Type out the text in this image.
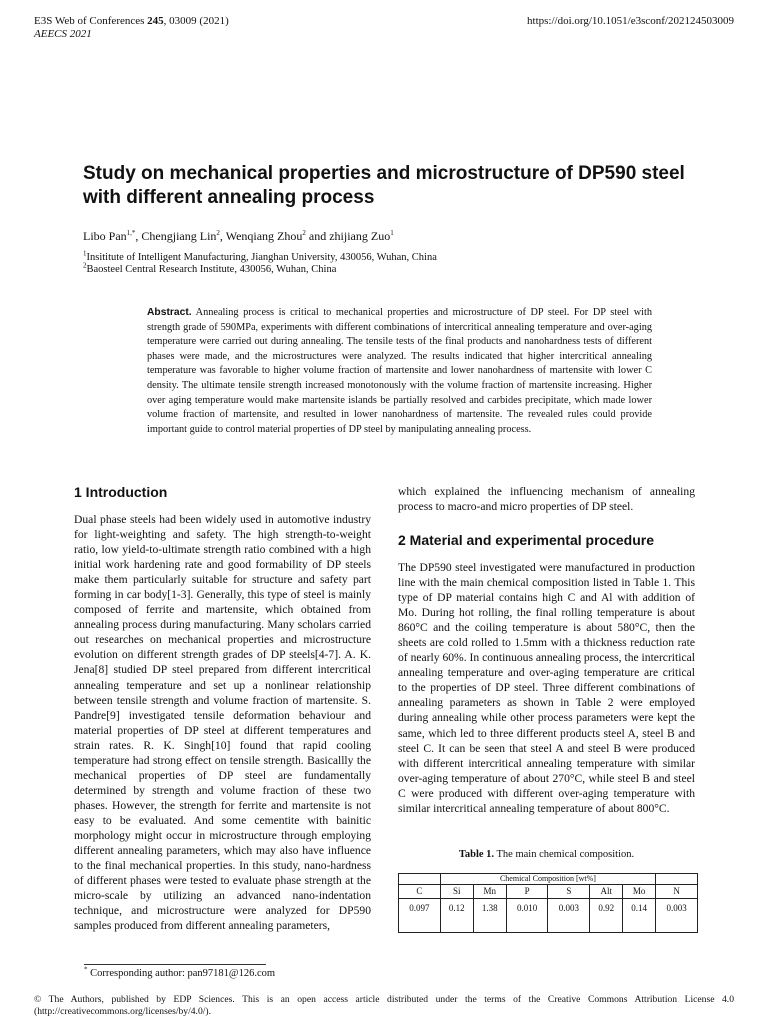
E3S Web of Conferences 245, 03009 (2021)
AEECS 2021
https://doi.org/10.1051/e3sconf/202124503009
Study on mechanical properties and microstructure of DP590 steel with different annealing process
Libo Pan$^{1,*}$, Chengjiang Lin$^2$, Wenqiang Zhou$^2$ and zhijiang Zuo$^1$
$^1$Insititute of Intelligent Manufacturing, Jianghan University, 430056, Wuhan, China
$^2$Baosteel Central Research Institute, 430056, Wuhan, China
Abstract. Annealing process is critical to mechanical properties and microstructure of DP steel. For DP steel with strength grade of 590MPa, experiments with different combinations of intercritical annealing temperature and over-aging temperature were carried out during annealing. The tensile tests of the final products and nanohardness tests of different phases were made, and the microstructures were analyzed. The results indicated that higher intercritical annealing temperature was favorable to higher volume fraction of martensite and lower nanohardness of martensite with lower C density. The ultimate tensile strength increased monotonously with the volume fraction of martensite increasing. Higher over aging temperature would make martensite islands be partially resolved and carbides precipitate, which made lower volume fraction of martensite, and resulted in lower nanohardness of martensite. The revealed rules could provide important guide to control material properties of DP steel by manipulating annealing process.
1 Introduction
Dual phase steels had been widely used in automotive industry for light-weighting and safety. The high strength-to-weight ratio, low yield-to-ultimate strength ratio combined with a high initial work hardening rate and good formability of DP steels make them particularly suitable for structure and safety part forming in car body[1-3]. Generally, this type of steel is mainly composed of ferrite and martensite, which obtained from annealing process during manufacturing. Many scholars carried out researches on mechanical properties and microstructure evolution on different strength grades of DP steels[4-7]. A. K. Jena[8] studied DP steel prepared from different intercritical annealing temperature and set up a nonlinear relationship between tensile strength and volume fraction of martensite. S. Pandre[9] investigated tensile deformation behaviour and material properties of DP steel at different temperatures and strain rates. R. K. Singh[10] found that rapid cooling temperature had strong effect on tensile strength. Basicallly the mechanical properties of DP steel are fundamentally determined by strength and volume fraction of these two phases. However, the strength for ferrite and martensite is not easy to be evaluated. And some cementite with bainitic morphology might occur in microstructure through employing different annealing parameters, which may also have influence to the final mechanical properties. In this study, nano-hardness of different phases were tested to evaluate phase strength at the micro-scale by utilizing an advanced nano-indentation technique, and microstructure were analyzed for DP590 samples produced from different annealing parameters,
which explained the influencing mechanism of annealing process to macro-and micro properties of DP steel.
2 Material and experimental procedure
The DP590 steel investigated were manufactured in production line with the main chemical composition listed in Table 1. This type of DP material contains high C and Al with addition of Mo. During hot rolling, the final rolling temperature is about 860°C and the coiling temperature is about 580°C, then the sheets are cold rolled to 1.5mm with a thickness reduction rate of nearly 60%. In continuous annealing process, the intercritical annealing temperature and over-aging temperature are critical to the properties of DP steel. Three different combinations of annealing parameters as shown in Table 2 were employed during annealing while other process parameters were kept the same, which led to three different products steel A, steel B and steel C. It can be seen that steel A and steel B were produced with different intercritical annealing temperature with similar over-aging temperature of about 270°C, while steel B and steel C were produced with different over-aging temperature with similar intercritical annealing temperature of about 800°C.
Table 1. The main chemical composition.
	Chemical Composition [wt%]						
C	Si	Mn	P	S	Alt	Mo	N
0.097	0.12	1.38	0.010	0.003	0.92	0.14	0.003
* Corresponding author: pan97181@126.com
© The Authors, published by EDP Sciences. This is an open access article distributed under the terms of the Creative Commons Attribution License 4.0 (http://creativecommons.org/licenses/by/4.0/).
